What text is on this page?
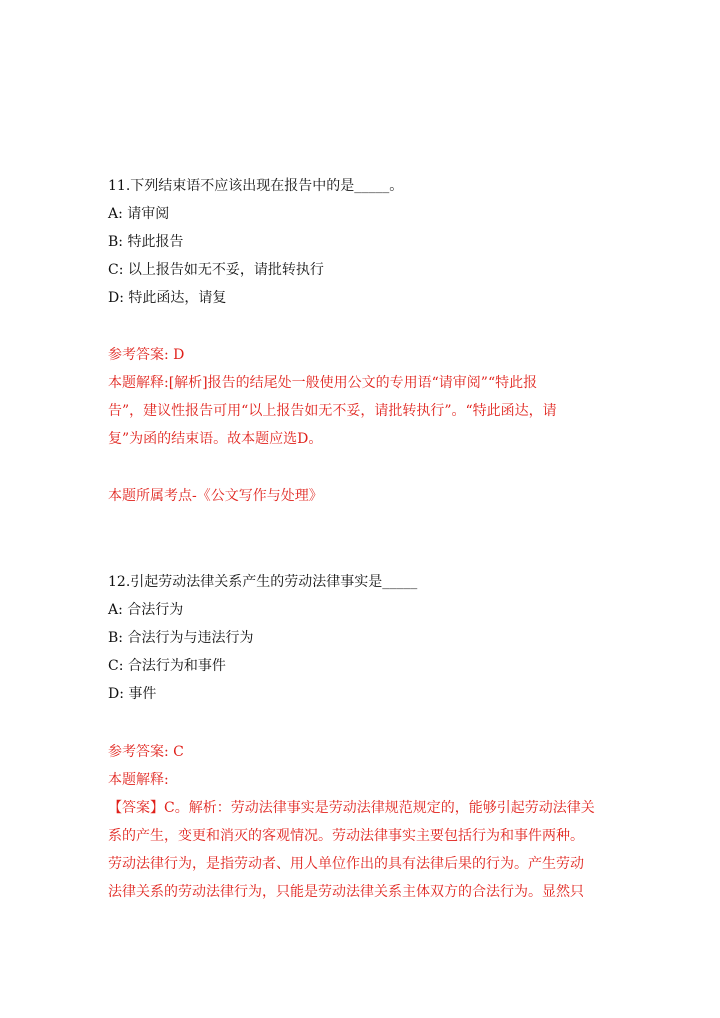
11.下列结束语不应该出现在报告中的是_____。
A: 请审阅
B: 特此报告
C: 以上报告如无不妥，请批转执行
D: 特此函达，请复
参考答案: D
本题解释:[解析]报告的结尾处一般使用公文的专用语“请审阅”“特此报
告”，建议性报告可用“以上报告如无不妥，请批转执行”。“特此函达，请
复”为函的结束语。故本题应选D。
本题所属考点-《公文写作与处理》
12.引起劳动法律关系产生的劳动法律事实是_____
A: 合法行为
B: 合法行为与违法行为
C: 合法行为和事件
D: 事件
参考答案: C
本题解释:
【答案】C。解析：劳动法律事实是劳动法律规范规定的，能够引起劳动法律关
系的产生，变更和消灭的客观情况。劳动法律事实主要包括行为和事件两种。
劳动法律行为，是指劳动者、用人单位作出的具有法律后果的行为。产生劳动
法律关系的劳动法律行为，只能是劳动法律关系主体双方的合法行为。显然只
